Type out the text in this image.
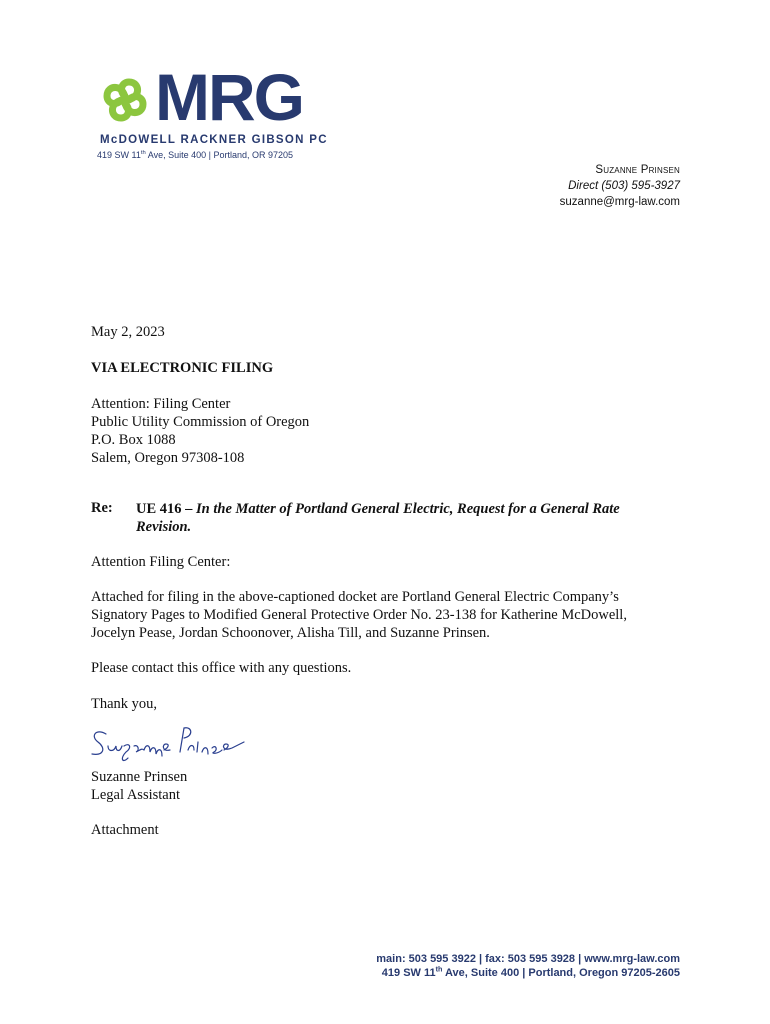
MRG
McDOWELL RACKNER GIBSON PC
419 SW 11th Ave, Suite 400 | Portland, OR 97205
Suzanne Prinsen
Direct (503) 595-3927
suzanne@mrg-law.com
May 2, 2023
VIA ELECTRONIC FILING
Attention: Filing Center
Public Utility Commission of Oregon
P.O. Box 1088
Salem, Oregon 97308-108
Re: UE 416 – In the Matter of Portland General Electric, Request for a General Rate Revision.
Attention Filing Center:
Attached for filing in the above-captioned docket are Portland General Electric Company’s Signatory Pages to Modified General Protective Order No. 23-138 for Katherine McDowell, Jocelyn Pease, Jordan Schoonover, Alisha Till, and Suzanne Prinsen.
Please contact this office with any questions.
Thank you,
Suzanne Prinsen
Legal Assistant
Attachment
main: 503 595 3922 | fax: 503 595 3928 | www.mrg-law.com
419 SW 11th Ave, Suite 400 | Portland, Oregon 97205-2605
